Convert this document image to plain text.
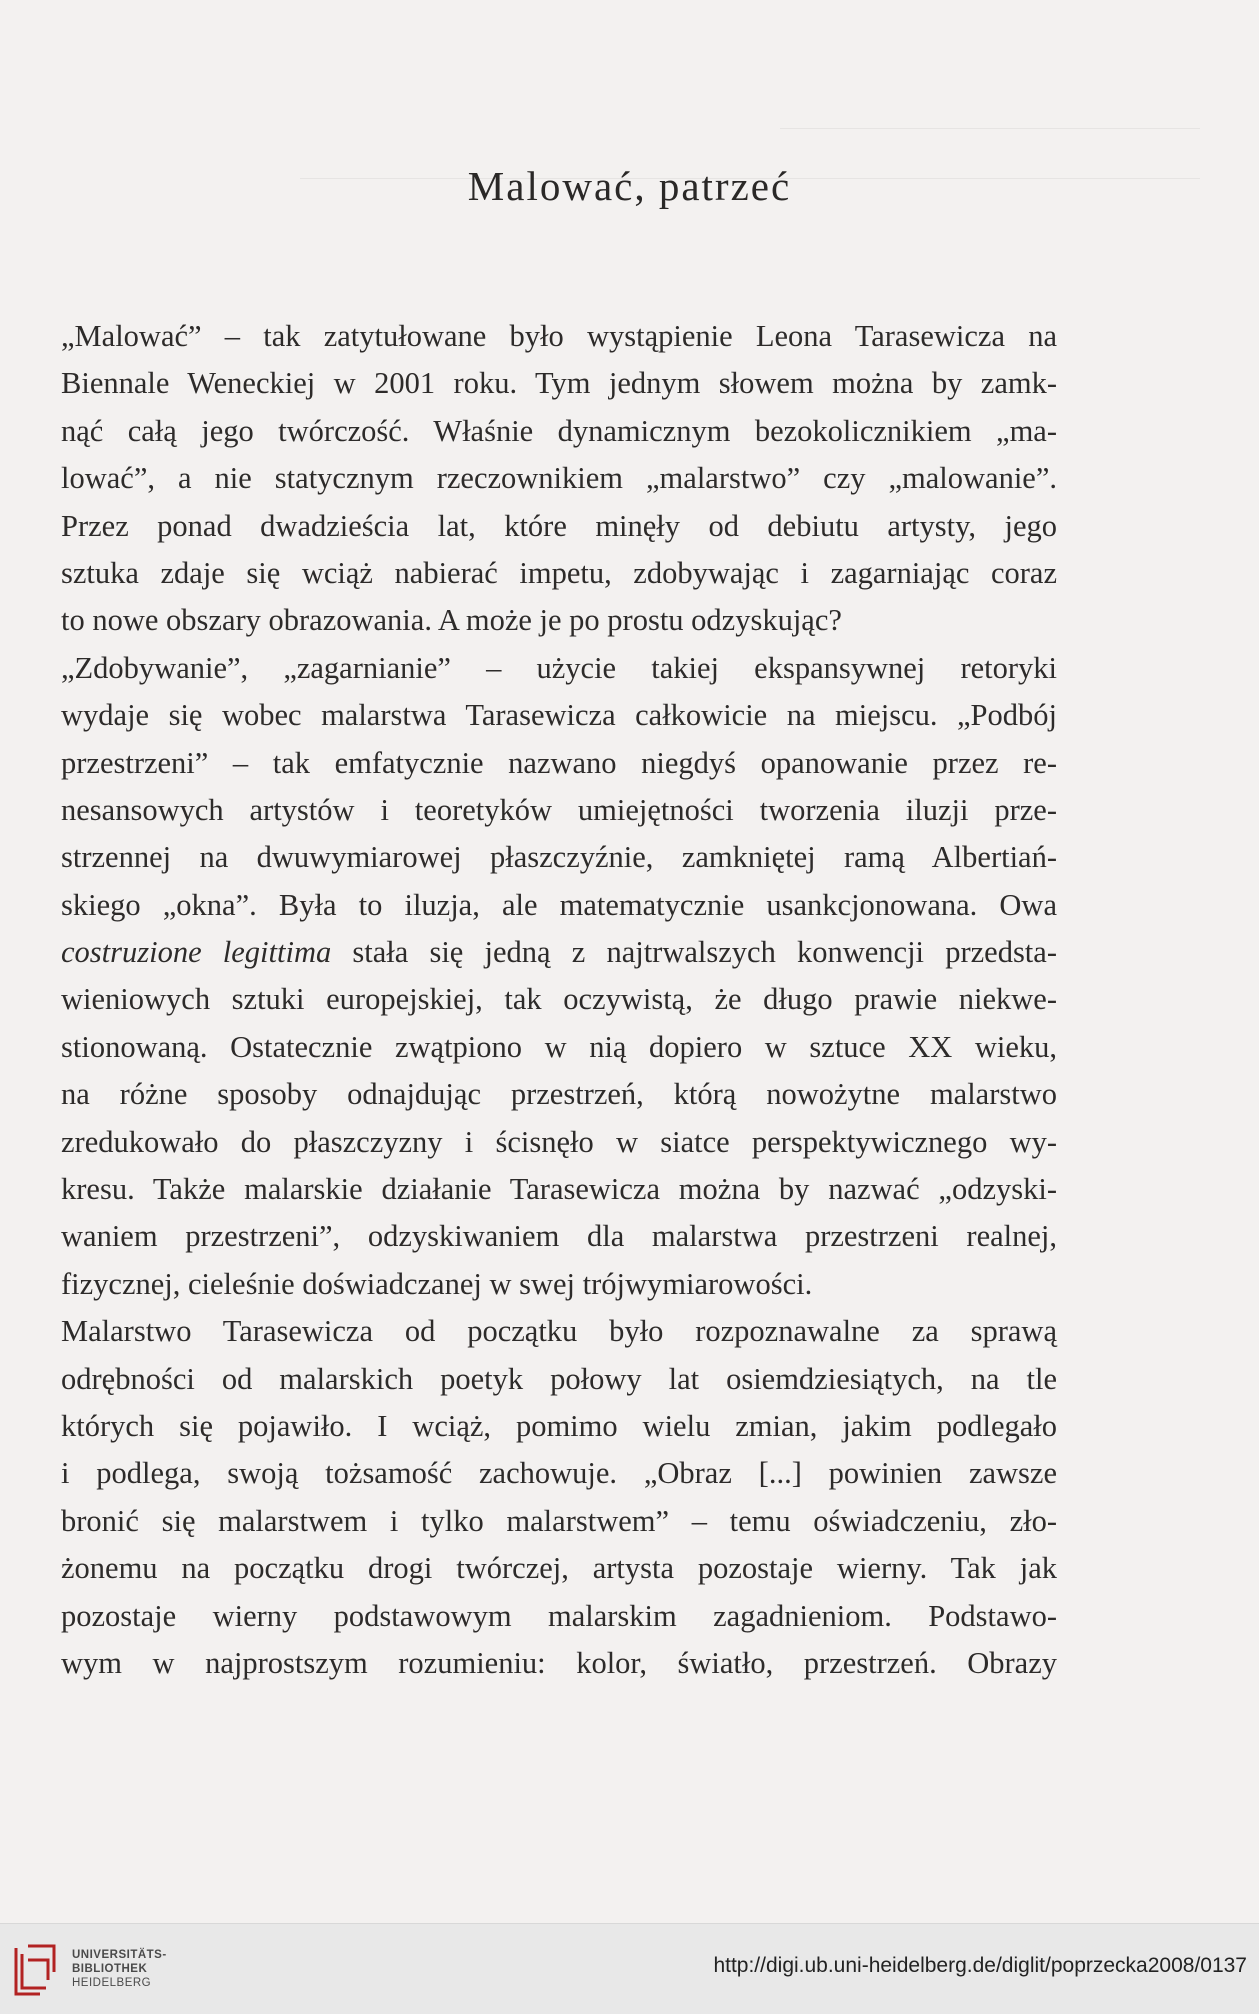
Malować, patrzeć
„Malować” – tak zatytułowane było wystąpienie Leona Tarasewicza na
Biennale Weneckiej w 2001 roku. Tym jednym słowem można by zamk-
nąć całą jego twórczość. Właśnie dynamicznym bezokolicznikiem „ma-
lować”, a nie statycznym rzeczownikiem „malarstwo” czy „malowanie”.
Przez ponad dwadzieścia lat, które minęły od debiutu artysty, jego
sztuka zdaje się wciąż nabierać impetu, zdobywając i zagarniając coraz
to nowe obszary obrazowania. A może je po prostu odzyskując?
„Zdobywanie”, „zagarnianie” – użycie takiej ekspansywnej retoryki
wydaje się wobec malarstwa Tarasewicza całkowicie na miejscu. „Podbój
przestrzeni” – tak emfatycznie nazwano niegdyś opanowanie przez re-
nesansowych artystów i teoretyków umiejętności tworzenia iluzji prze-
strzennej na dwuwymiarowej płaszczyźnie, zamkniętej ramą Albertiań-
skiego „okna”. Była to iluzja, ale matematycznie usankcjonowana. Owa
costruzione legittima stała się jedną z najtrwalszych konwencji przedsta-
wieniowych sztuki europejskiej, tak oczywistą, że długo prawie niekwe-
stionowaną. Ostatecznie zwątpiono w nią dopiero w sztuce XX wieku,
na różne sposoby odnajdując przestrzeń, którą nowożytne malarstwo
zredukowało do płaszczyzny i ścisnęło w siatce perspektywicznego wy-
kresu. Także malarskie działanie Tarasewicza można by nazwać „odzyski-
waniem przestrzeni”, odzyskiwaniem dla malarstwa przestrzeni realnej,
fizycznej, cieleśnie doświadczanej w swej trójwymiarowości.
Malarstwo Tarasewicza od początku było rozpoznawalne za sprawą
odrębności od malarskich poetyk połowy lat osiemdziesiątych, na tle
których się pojawiło. I wciąż, pomimo wielu zmian, jakim podlegało
i podlega, swoją tożsamość zachowuje. „Obraz [...] powinien zawsze
bronić się malarstwem i tylko malarstwem” – temu oświadczeniu, zło-
żonemu na początku drogi twórczej, artysta pozostaje wierny. Tak jak
pozostaje wierny podstawowym malarskim zagadnieniom. Podstawo-
wym w najprostszym rozumieniu: kolor, światło, przestrzeń. Obrazy
UNIVERSITÄTS-
BIBLIOTHEK
HEIDELBERG
http://digi.ub.uni-heidelberg.de/diglit/poprzecka2008/0137
